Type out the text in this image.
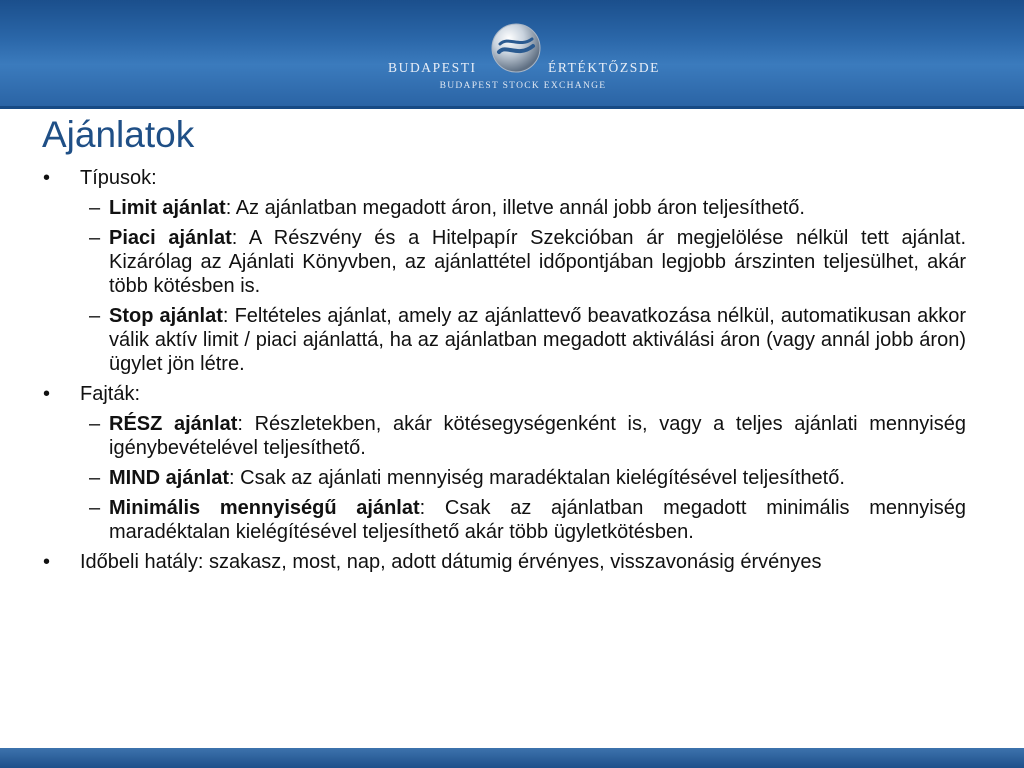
BUDAPESTI	ÉRTÉKTŐZSDE
BUDAPEST STOCK EXCHANGE
Ajánlatok
• Típusok:
– Limit ajánlat: Az ajánlatban megadott áron, illetve annál jobb áron teljesíthető.
– Piaci ajánlat: A Részvény és a Hitelpapír Szekcióban ár megjelölése nélkül tett ajánlat. Kizárólag az Ajánlati Könyvben, az ajánlattétel időpontjában legjobb árszinten teljesülhet, akár több kötésben is.
– Stop ajánlat: Feltételes ajánlat, amely az ajánlattevő beavatkozása nélkül, automatikusan akkor válik aktív limit / piaci ajánlattá, ha az ajánlatban megadott aktiválási áron (vagy annál jobb áron) ügylet jön létre.
• Fajták:
– RÉSZ ajánlat: Részletekben, akár kötésegységenként is, vagy a teljes ajánlati mennyiség igénybevételével teljesíthető.
– MIND ajánlat: Csak az ajánlati mennyiség maradéktalan kielégítésével teljesíthető.
– Minimális mennyiségű ajánlat: Csak az ajánlatban megadott minimális mennyiség maradéktalan kielégítésével teljesíthető akár több ügyletkötésben.
• Időbeli hatály: szakasz, most, nap, adott dátumig érvényes, visszavonásig érvényes
